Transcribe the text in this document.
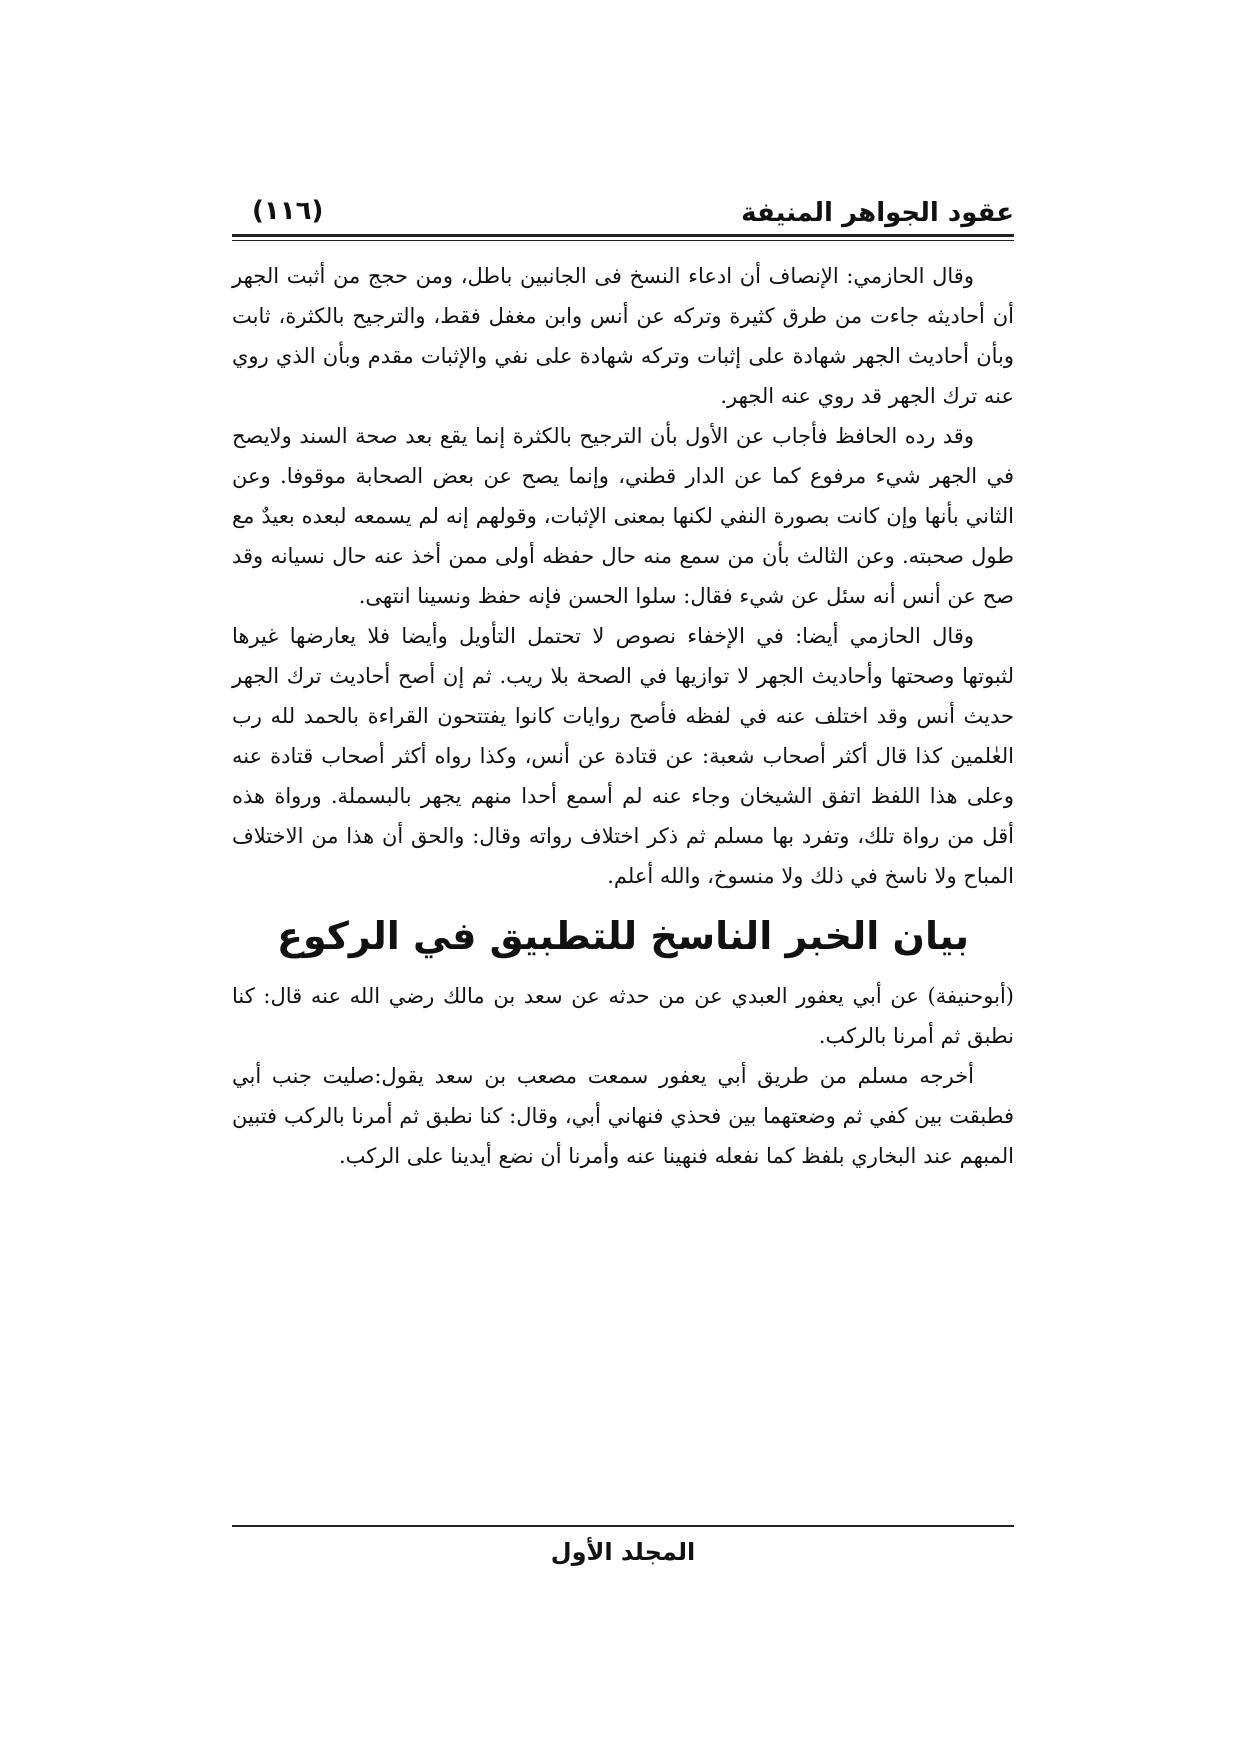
عقود الجواهر المنيفة
(١١٦)

وقال الحازمي: الإنصاف أن ادعاء النسخ فى الجانبين باطل، ومن حجج من أثبت الجهر أن أحاديثه جاءت من طرق كثيرة وتركه عن أنس وابن مغفل فقط، والترجيح بالكثرة، ثابت وبأن أحاديث الجهر شهادة على إثبات وتركه شهادة على نفي والإثبات مقدم وبأن الذي روي عنه ترك الجهر قد روي عنه الجهر.

وقد رده الحافظ فأجاب عن الأول بأن الترجيح بالكثرة إنما يقع بعد صحة السند ولايصح في الجهر شيء مرفوع كما عن الدار قطني، وإنما يصح عن بعض الصحابة موقوفا. وعن الثاني بأنها وإن كانت بصورة النفي لكنها بمعنى الإثبات، وقولهم إنه لم يسمعه لبعده بعيدٌ مع طول صحبته. وعن الثالث بأن من سمع منه حال حفظه أولى ممن أخذ عنه حال نسيانه وقد صح عن أنس أنه سئل عن شيء فقال: سلوا الحسن فإنه حفظ ونسينا انتهى.

وقال الحازمي أيضا: في الإخفاء نصوص لا تحتمل التأويل وأيضا فلا يعارضها غيرها لثبوتها وصحتها وأحاديث الجهر لا توازيها في الصحة بلا ريب. ثم إن أصح أحاديث ترك الجهر حديث أنس وقد اختلف عنه في لفظه فأصح روايات كانوا يفتتحون القراءة بالحمد لله رب العٰلمين كذا قال أكثر أصحاب شعبة: عن قتادة عن أنس، وكذا رواه أكثر أصحاب قتادة عنه وعلى هذا اللفظ اتفق الشيخان وجاء عنه لم أسمع أحدا منهم يجهر بالبسملة. ورواة هذه أقل من رواة تلك، وتفرد بها مسلم ثم ذكر اختلاف رواته وقال: والحق أن هذا من الاختلاف المباح ولا ناسخ في ذلك ولا منسوخ، والله أعلم.

بيان الخبر الناسخ للتطبيق في الركوع

(أبوحنيفة) عن أبي يعفور العبدي عن من حدثه عن سعد بن مالك رضي الله عنه قال: كنا نطبق ثم أمرنا بالركب.

أخرجه مسلم من طريق أبي يعفور سمعت مصعب بن سعد يقول:صليت جنب أبي فطبقت بين كفي ثم وضعتهما بين فحذي فنهاني أبي، وقال: كنا نطبق ثم أمرنا بالركب فتبين المبهم عند البخاري بلفظ كما نفعله فنهينا عنه وأمرنا أن نضع أيدينا على الركب.

المجلد الأول
